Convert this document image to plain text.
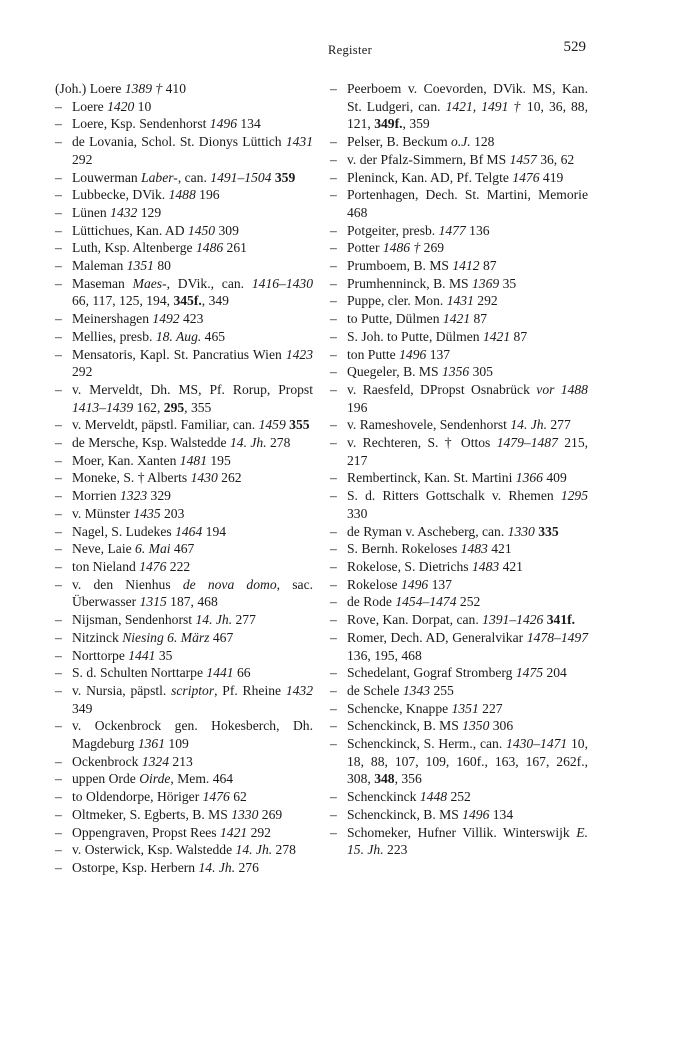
Register	529
(Joh.) Loere 1389 † 410
– Loere 1420 10
– Loere, Ksp. Sendenhorst 1496 134
– de Lovania, Schol. St. Dionys Lüttich 1431 292
– Louwerman Laber-, can. 1491–1504 359
– Lubbecke, DVik. 1488 196
– Lünen 1432 129
– Lüttichues, Kan. AD 1450 309
– Luth, Ksp. Altenberge 1486 261
– Maleman 1351 80
– Maseman Maes-, DVik., can. 1416–1430 66, 117, 125, 194, 345f., 349
– Meinershagen 1492 423
– Mellies, presb. 18. Aug. 465
– Mensatoris, Kapl. St. Pancratius Wien 1423 292
– v. Merveldt, Dh. MS, Pf. Rorup, Propst 1413–1439 162, 295, 355
– v. Merveldt, päpstl. Familiar, can. 1459 355
– de Mersche, Ksp. Walstedde 14. Jh. 278
– Moer, Kan. Xanten 1481 195
– Moneke, S. † Alberts 1430 262
– Morrien 1323 329
– v. Münster 1435 203
– Nagel, S. Ludekes 1464 194
– Neve, Laie 6. Mai 467
– ton Nieland 1476 222
– v. den Nienhus de nova domo, sac. Überwasser 1315 187, 468
– Nijsman, Sendenhorst 14. Jh. 277
– Nitzinck Niesing 6. März 467
– Norttorpe 1441 35
– S. d. Schulten Norttarpe 1441 66
– v. Nursia, päpstl. scriptor, Pf. Rheine 1432 349
– v. Ockenbrock gen. Hokesberch, Dh. Magdeburg 1361 109
– Ockenbrock 1324 213
– uppen Orde Oirde, Mem. 464
– to Oldendorpe, Höriger 1476 62
– Oltmeker, S. Egberts, B. MS 1330 269
– Oppengraven, Propst Rees 1421 292
– v. Osterwick, Ksp. Walstedde 14. Jh. 278
– Ostorpe, Ksp. Herbern 14. Jh. 276
– Peerboem v. Coevorden, DVik. MS, Kan. St. Ludgeri, can. 1421, 1491 † 10, 36, 88, 121, 349f., 359
– Pelser, B. Beckum o.J. 128
– v. der Pfalz-Simmern, Bf MS 1457 36, 62
– Pleninck, Kan. AD, Pf. Telgte 1476 419
– Portenhagen, Dech. St. Martini, Memorie 468
– Potgeiter, presb. 1477 136
– Potter 1486 † 269
– Prumboem, B. MS 1412 87
– Prumhenninck, B. MS 1369 35
– Puppe, cler. Mon. 1431 292
– to Putte, Dülmen 1421 87
– S. Joh. to Putte, Dülmen 1421 87
– ton Putte 1496 137
– Quegeler, B. MS 1356 305
– v. Raesfeld, DPropst Osnabrück vor 1488 196
– v. Rameshovele, Sendenhorst 14. Jh. 277
– v. Rechteren, S. † Ottos 1479–1487 215, 217
– Rembertinck, Kan. St. Martini 1366 409
– S. d. Ritters Gottschalk v. Rhemen 1295 330
– de Ryman v. Ascheberg, can. 1330 335
– S. Bernh. Rokeloses 1483 421
– Rokelose, S. Dietrichs 1483 421
– Rokelose 1496 137
– de Rode 1454–1474 252
– Rove, Kan. Dorpat, can. 1391–1426 341f.
– Romer, Dech. AD, Generalvikar 1478–1497 136, 195, 468
– Schedelant, Gograf Stromberg 1475 204
– de Schele 1343 255
– Schencke, Knappe 1351 227
– Schenckinck, B. MS 1350 306
– Schenckinck, S. Herm., can. 1430–1471 10, 18, 88, 107, 109, 160f., 163, 167, 262f., 308, 348, 356
– Schenckinck 1448 252
– Schenckinck, B. MS 1496 134
– Schomeker, Hufner Villik. Winterswijk E. 15. Jh. 223
